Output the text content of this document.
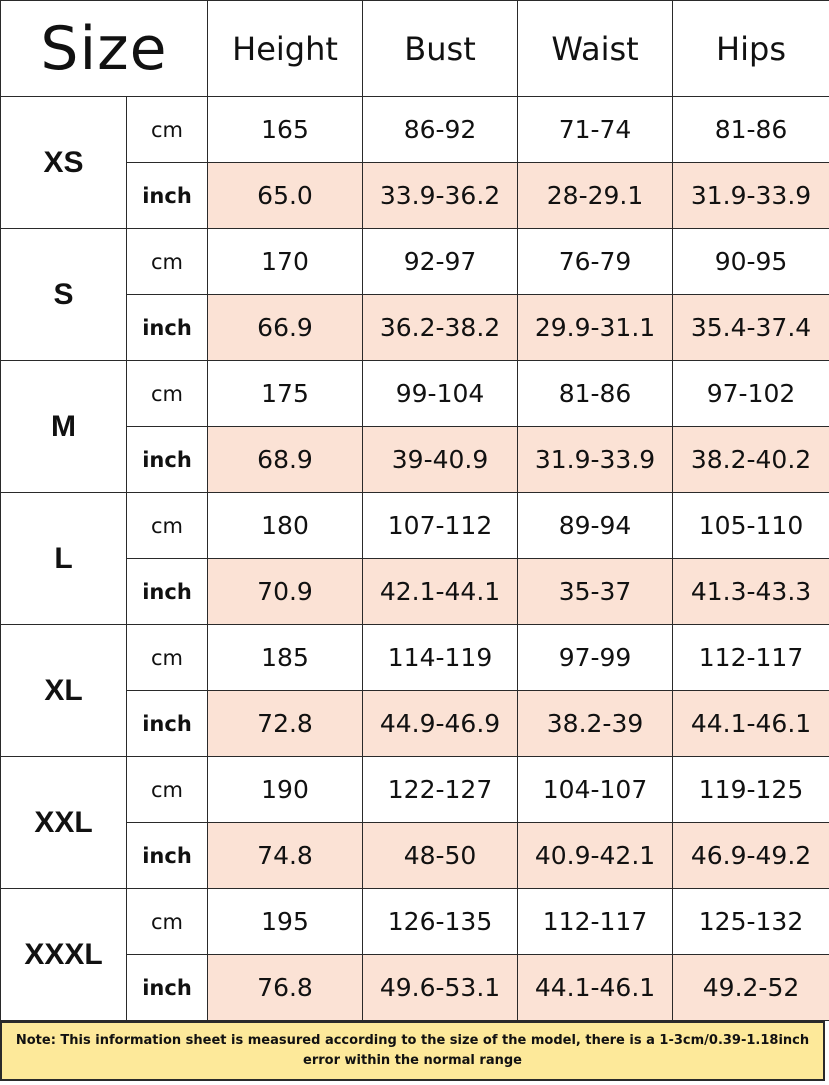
Size		Height	Bust	Waist	Hips
XS	cm	165	86-92	71-74	81-86
	inch	65.0	33.9-36.2	28-29.1	31.9-33.9
S	cm	170	92-97	76-79	90-95
	inch	66.9	36.2-38.2	29.9-31.1	35.4-37.4
M	cm	175	99-104	81-86	97-102
	inch	68.9	39-40.9	31.9-33.9	38.2-40.2
L	cm	180	107-112	89-94	105-110
	inch	70.9	42.1-44.1	35-37	41.3-43.3
XL	cm	185	114-119	97-99	112-117
	inch	72.8	44.9-46.9	38.2-39	44.1-46.1
XXL	cm	190	122-127	104-107	119-125
	inch	74.8	48-50	40.9-42.1	46.9-49.2
XXXL	cm	195	126-135	112-117	125-132
	inch	76.8	49.6-53.1	44.1-46.1	49.2-52
Note: This information sheet is measured according to the size of the model, there is a 1-3cm/0.39-1.18inch error within the normal range
